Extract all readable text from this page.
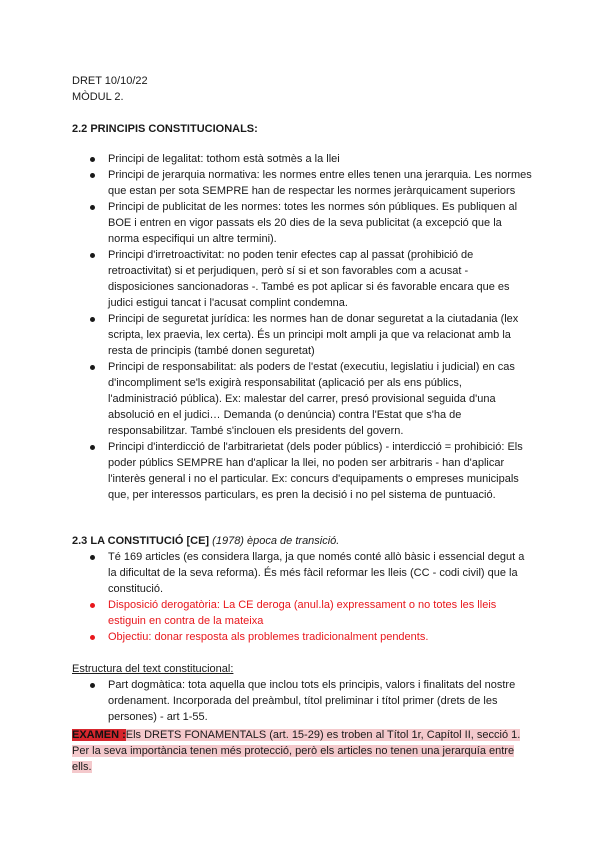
DRET 10/10/22
MÒDUL 2.
2.2 PRINCIPIS CONSTITUCIONALS:
Principi de legalitat: tothom està sotmès a la llei
Principi de jerarquia normativa: les normes entre elles tenen una jerarquia. Les normes que estan per sota SEMPRE han de respectar les normes jeràrquicament superiors
Principi de publicitat de les normes: totes les normes són públiques. Es publiquen al BOE i entren en vigor passats els 20 dies de la seva publicitat (a excepció que la norma especifiqui un altre termini).
Principi d'irretroactivitat: no poden tenir efectes cap al passat (prohibició de retroactivitat) si et perjudiquen, però sí si et son favorables com a acusat - disposiciones sancionadoras -. També es pot aplicar si és favorable encara que es judici estigui tancat i l'acusat complint condemna.
Principi de seguretat jurídica: les normes han de donar seguretat a la ciutadania (lex scripta, lex praevia, lex certa). És un principi molt ampli ja que va relacionat amb la resta de principis (també donen seguretat)
Principi de responsabilitat: als poders de l'estat (executiu, legislatiu i judicial) en cas d'incompliment se'ls exigirà responsabilitat (aplicació per als ens públics, l'administració pública). Ex: malestar del carrer, presó provisional seguida d'una absolució en el judici… Demanda (o denúncia) contra l'Estat que s'ha de responsabilitzar. També s'inclouen els presidents del govern.
Principi d'interdicció de l'arbitrarietat (dels poder públics) - interdicció = prohibició: Els poder públics SEMPRE han d'aplicar la llei, no poden ser arbitraris - han d'aplicar l'interès general i no el particular. Ex: concurs d'equipaments o empreses municipals que, per interessos particulars, es pren la decisió i no pel sistema de puntuació.
2.3 LA CONSTITUCIÓ [CE] (1978) època de transició.
Té 169 articles (es considera llarga, ja que només conté allò bàsic i essencial degut a la dificultat de la seva reforma). És més fàcil reformar les lleis (CC - codi civil) que la constitució.
Disposició derogatòria: La CE deroga (anul.la) expressament o no totes les lleis estiguin en contra de la mateixa
Objectiu: donar resposta als problemes tradicionalment pendents.
Estructura del text constitucional:
Part dogmàtica: tota aquella que inclou tots els principis, valors i finalitats del nostre ordenament. Incorporada del preàmbul, títol preliminar i títol primer (drets de les persones) - art 1-55.
EXAMEN :Els DRETS FONAMENTALS (art. 15-29) es troben al Títol 1r, Capítol II, secció 1. Per la seva importància tenen més protecció, però els articles no tenen una jerarquía entre ells.
